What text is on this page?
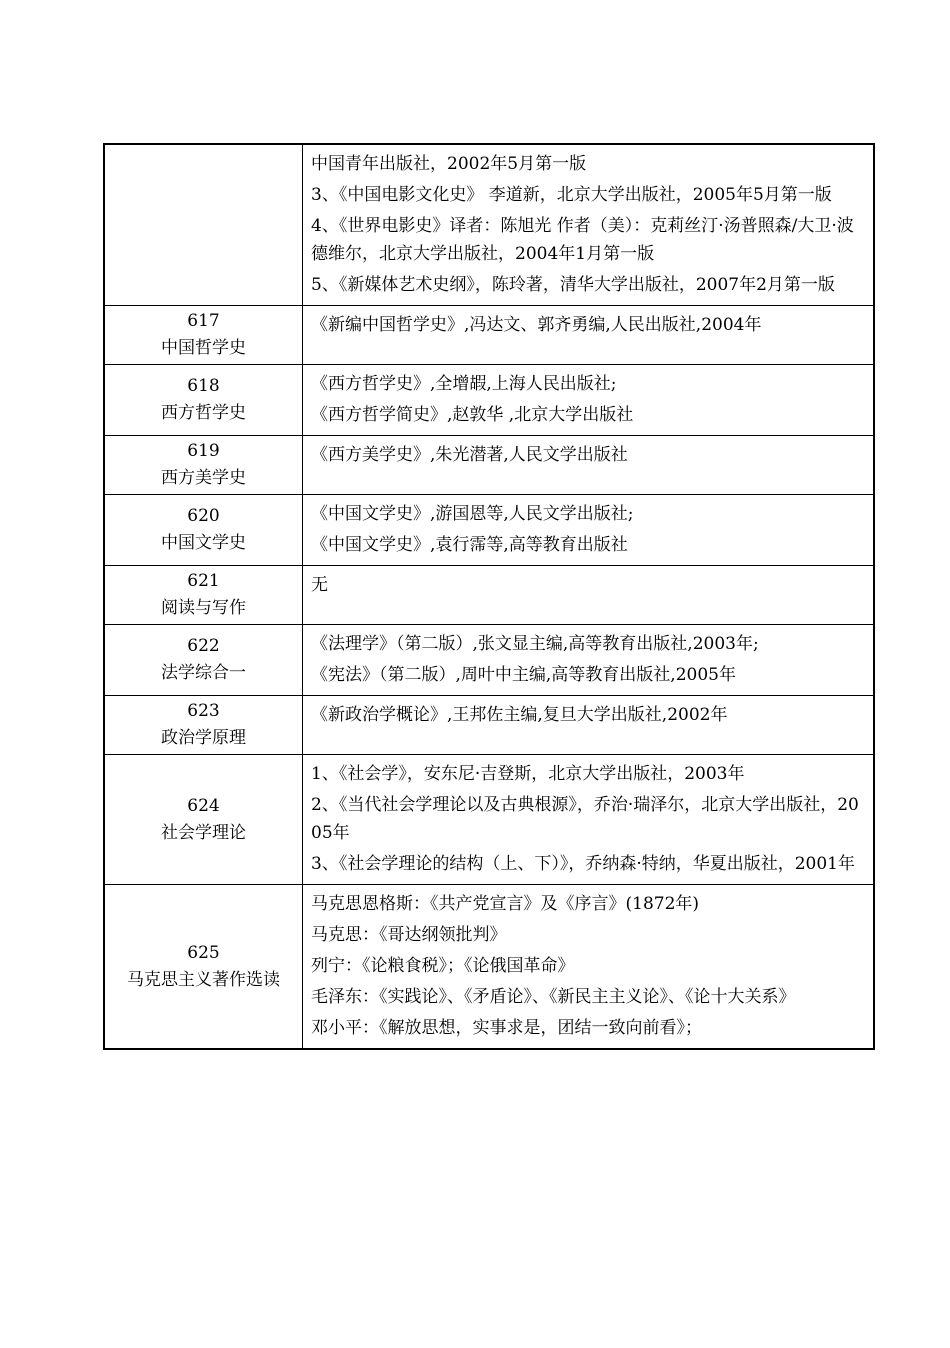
	中国青年出版社，2002年5月第一版
3、《中国电影文化史》 李道新，北京大学出版社，2005年5月第一版
4、《世界电影史》译者：陈旭光 作者（美）：克莉丝汀·汤普照森/大卫·波德维尔，北京大学出版社，2004年1月第一版
5、《新媒体艺术史纲》，陈玲著，清华大学出版社，2007年2月第一版

617
中国哲学史	《新编中国哲学史》,冯达文、郭齐勇编,人民出版社,2004年

618
西方哲学史	《西方哲学史》,全增嘏,上海人民出版社;
《西方哲学简史》,赵敦华 ,北京大学出版社

619
西方美学史	《西方美学史》,朱光潜著,人民文学出版社

620
中国文学史	《中国文学史》,游国恩等,人民文学出版社;
《中国文学史》,袁行霈等,高等教育出版社

621
阅读与写作	无

622
法学综合一	《法理学》（第二版）,张文显主编,高等教育出版社,2003年;
《宪法》（第二版）,周叶中主编,高等教育出版社,2005年

623
政治学原理	《新政治学概论》,王邦佐主编,复旦大学出版社,2002年

624
社会学理论	1、《社会学》，安东尼·吉登斯，北京大学出版社，2003年
2、《当代社会学理论以及古典根源》，乔治·瑞泽尔，北京大学出版社，2005年
3、《社会学理论的结构（上、下）》，乔纳森·特纳，华夏出版社，2001年

625
马克思主义著作选读	马克思恩格斯：《共产党宣言》及《序言》(1872年)
马克思：《哥达纲领批判》
列宁：《论粮食税》；《论俄国革命》
毛泽东：《实践论》、《矛盾论》、《新民主主义论》、《论十大关系》
邓小平：《解放思想，实事求是，团结一致向前看》；
